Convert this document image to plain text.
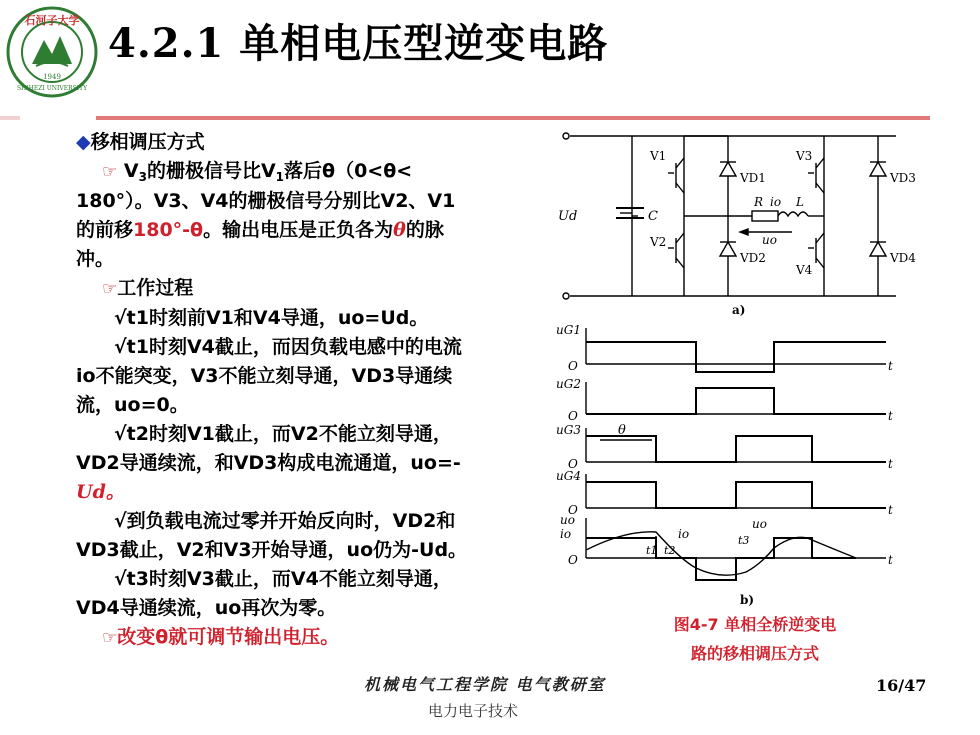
石河子大学
1949
SHIHEZI UNIVERSITY
4.2.1 单相电压型逆变电路
◆移相调压方式
☞ $V_3$的栅极信号比$V_1$落后θ（0<θ<
180°）。V3、V4的栅极信号分别比V2、V1
的前移180°-θ。输出电压是正负各为θ的脉
冲。
☞工作过程
√t1时刻前V1和V4导通，uo=Ud。
√t1时刻V4截止，而因负载电感中的电流
io不能突变，V3不能立刻导通，VD3导通续
流，uo=0。
√t2时刻V1截止，而V2不能立刻导通，
VD2导通续流，和VD3构成电流通道，uo=-
Ud。
√到负载电流过零并开始反向时，VD2和
VD3截止，V2和V3开始导通，uo仍为-Ud。
√t3时刻V3截止，而V4不能立刻导通，
VD4导通续流，uo再次为零。
☞改变θ就可调节输出电压。
Ud	C
V1
V2
V3
V4
VD1
VD2
VD3
VD4
R io L
uo
a)
uG1
O	t
uG2
O	t
uG3
O	t
θ
uG4
O	t
uo
io
O	t
io
uo
t1 t2
t3
b)
图4-7 单相全桥逆变电
路的移相调压方式
机械电气工程学院 电气教研室
电力电子技术
16/47
